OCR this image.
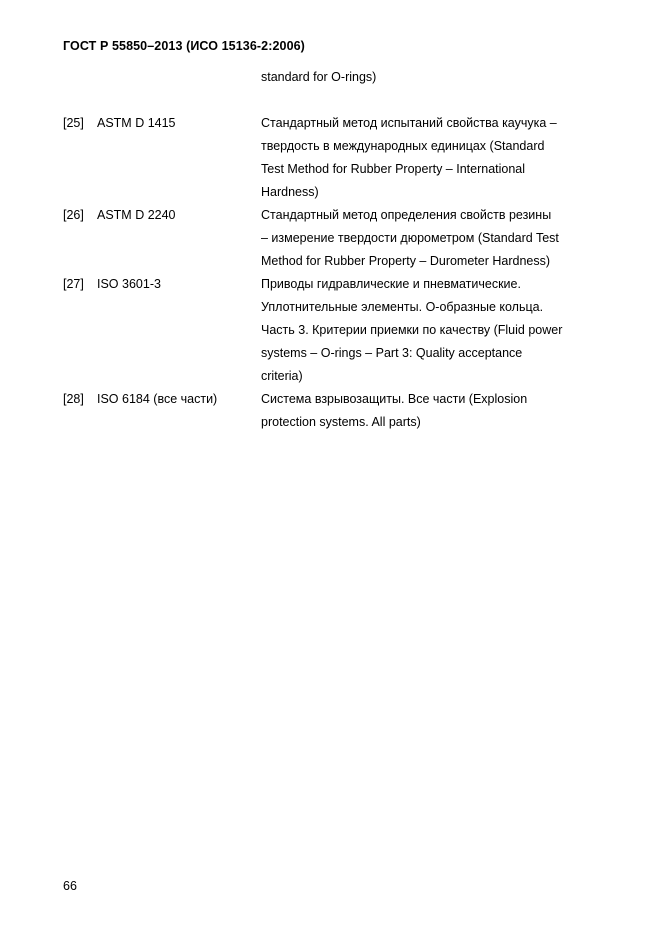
ГОСТ Р 55850–2013 (ИСО 15136-2:2006)
standard for O-rings)
[25] ASTM D 1415	Стандартный метод испытаний свойства каучука –
твердость в международных единицах (Standard
Test Method for Rubber Property – International
Hardness)
[26] ASTM D 2240	Стандартный метод определения свойств резины
– измерение твердости дюрометром (Standard Test
Method for Rubber Property – Durometer Hardness)
[27] ISO 3601-3	Приводы гидравлические и пневматические.
Уплотнительные элементы. O-образные кольца.
Часть 3. Критерии приемки по качеству (Fluid power
systems – O-rings – Part 3: Quality acceptance
criteria)
[28] ISO 6184 (все части)	Система взрывозащиты. Все части (Explosion
protection systems. All parts)
66
